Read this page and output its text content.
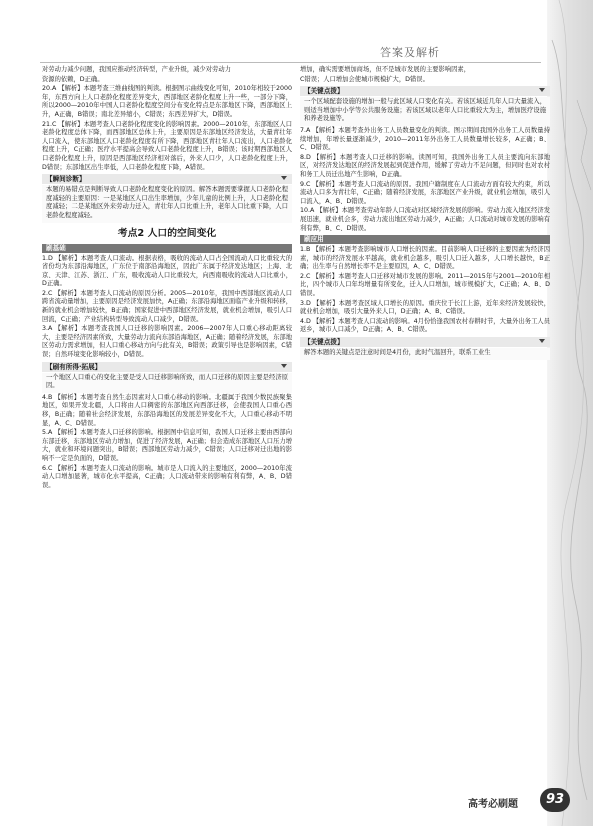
答案及解析

对劳动力减少问题，我国应推动经济转型，产业升级，减少对劳动力

资源的依赖，D正确。

20.A 【解析】本题考查三维曲线图的判读。根据图示曲线变化可知，2010年相较于2000年，东西方向上人口老龄化程度差异变大，西部地区老龄化程度上升一些，一部分下降，所以2000—2010年中国人口老龄化程度空间分布变化特点是东部地区下降，西部地区上升，A正确，B错误；南北差异缩小，C错误；东西差异扩大，D错误。

21.C 【解析】本题考查人口老龄化程度变化的影响因素。2000—2010年，东部地区人口老龄化程度总体下降，而西部地区总体上升，主要原因是东部地区经济发达，大量青壮年人口流入，使东部地区人口老龄化程度有所下降，西部地区青壮年人口流出，人口老龄化程度上升，C正确；医疗水平提高会导致人口老龄化程度上升，B错误；该时期西部地区人口老龄化程度上升，原因是西部地区经济相对落后，外来人口少，人口老龄化程度上升，D错误；东部地区出生率低，人口老龄化程度下降，A错误。

【瞬间诊断】

本题的易错点是判断导致人口老龄化程度变化的原因。解答本题需要掌握人口老龄化程度减轻的主要原因：一是某地区人口出生率增加，少年儿童的比例上升，人口老龄化程度减轻；二是某地区外来劳动力迁入，青壮年人口比重上升，老年人口比重下降，人口老龄化程度减轻。

考点2 人口的空间变化
刷基础

1.D 【解析】本题考查人口流动。根据表格，吸收的流动人口占全国流动人口比重较大的省份均为东部沿海地区，广东位于南部沿海地区，因此广东属于经济发达地区；上海、北京、天津、江苏、浙江、广东，吸收流动人口比重较大，向西南吸收的流动人口比重小，D正确。

2.C 【解析】本题考查人口流动的原因分析。2005—2010年，我国中西部地区流动人口跨省流动量增加，主要原因是经济发展加快，A正确；东部沿海地区面临产业升级和转移，新的就业机会增加较快，B正确；国家促进中西部地区经济发展，就业机会增加，吸引人口回流，C正确；产业结构转型导致流动人口减少，D错误。

3.A 【解析】本题考查我国人口迁移的影响因素。2006—2007年人口重心移动距离较大，主要是经济因素所致，大量劳动力流向东部沿海地区，A正确；随着经济发展，东部地区劳动力需求增加，但人口重心移动方向与此有关，B错误；政策引导也是影响因素，C错误；自然环境变化影响较小，D错误。

【刷有所得·拓展】

一个地区人口重心的变化主要是受人口迁移影响所致，而人口迁移的原因主要是经济原因。

4.B 【解析】本题考查自然生态因素对人口重心移动的影响。北疆属于我国少数民族聚集地区，如果开发北疆，人口将由人口稠密的东部地区向西部迁移，会使我国人口重心西移，B正确；随着社会经济发展，东部沿海地区的发展差异变化不大，人口重心移动不明显，A、C、D错误。

5.A 【解析】本题考查人口迁移的影响。根据图中信息可知，我国人口迁移主要由西部向东部迁移，东部地区劳动力增加，促进了经济发展，A正确；但会造成东部地区人口压力增大，就业和环境问题突出，B错误；西部地区劳动力减少，C错误；人口迁移对迁出地的影响不一定是负面的，D错误。

6.C 【解析】本题考查人口流动的影响。城市是人口流入的主要地区，2000—2010年流动人口增加显著，城市化水平提高，C正确；人口流动带来的影响有利有弊，A、B、D错误。

增加，确实需要增加商场，但不是城市发展的主要影响因素，

C错误；人口增加会使城市规模扩大，D错误。

【关键点拨】

一个区域配套设施的增加一般与此区域人口变化有关。若该区域近几年人口大量流入，则适当增加中小学等公共服务设施；若该区域以老年人口比重较大为主，增加医疗设施和养老设施等。

7.A 【解析】本题考查外出务工人员数量变化的判读。图示期间我国外出务工人员数量持续增加，年增长量逐渐减少，2010—2011年外出务工人员数量增长较多，A正确；B、C、D错误。

8.D 【解析】本题考查人口迁移的影响。读图可知，我国外出务工人员主要流向东部地区，对经济发达地区的经济发展起到促进作用，缓解了劳动力不足问题，但同时也对农村和务工人员迁出地产生影响，D正确。

9.C 【解析】本题考查人口流动的原因。我国户籍制度在人口流动方面有较大约束，所以流动人口多为青壮年，C正确；随着经济发展，东部地区产业升级，就业机会增加，吸引人口流入，A、B、D错误。

10.A 【解析】本题考查劳动年龄人口流动对区域经济发展的影响。劳动力流入地区经济发展迅速，就业机会多，劳动力流出地区劳动力减少，A正确；人口流动对城市发展的影响有利有弊，B、C、D错误。

刷应用

1.B 【解析】本题考查影响城市人口增长的因素。目前影响人口迁移的主要因素为经济因素，城市的经济发展水平越高，就业机会越多，吸引人口迁入越多，人口增长越快，B正确；出生率与自然增长率不是主要原因，A、C、D错误。

2.C 【解析】本题考查人口迁移对城市发展的影响。2011—2015年与2001—2010年相比，四个城市人口年均增量有所变化，迁入人口增加，城市规模扩大，C正确；A、B、D错误。

3.D 【解析】本题考查区域人口增长的原因。重庆位于长江上游，近年来经济发展较快，就业机会增加，吸引大量外来人口，D正确；A、B、C错误。

4.D 【解析】本题考查人口流动的影响。4月份恰逢我国农村春耕时节，大量外出务工人员返乡，城市人口减少，D正确；A、B、C错误。

【关键点拨】

解答本题的关键点是注意时间是4月份，此时气温回升，联系工业生

高考必刷题	93
